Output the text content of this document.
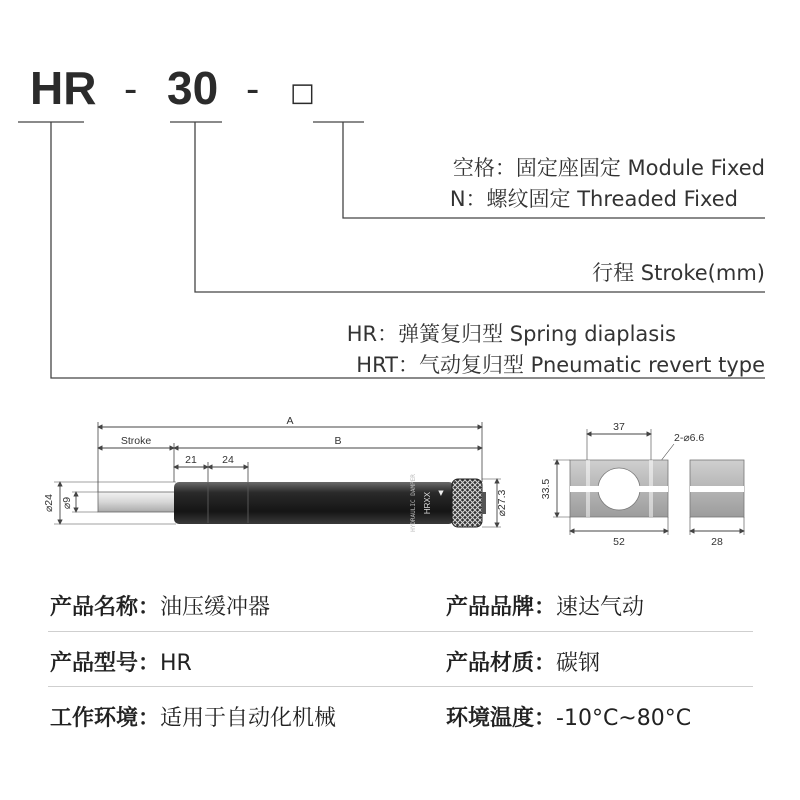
HR - 30 - □
空格：固定座固定 Module Fixed
N：螺纹固定 Threaded Fixed
行程 Stroke(mm)
HR：弹簧复归型 Spring diaplasis
HRT：气动复归型 Pneumatic revert type
A
Stroke	B
21 24
HYDRAULIC DAMPER HRXX ▼
⌀24 ⌀9	⌀27.3
37
2-⌀6.6
33.5
52	28
产品名称：油压缓冲器	产品品牌：速达气动
产品型号：HR	产品材质：碳钢
工作环境：适用于自动化机械	环境温度：-10°C~80°C
